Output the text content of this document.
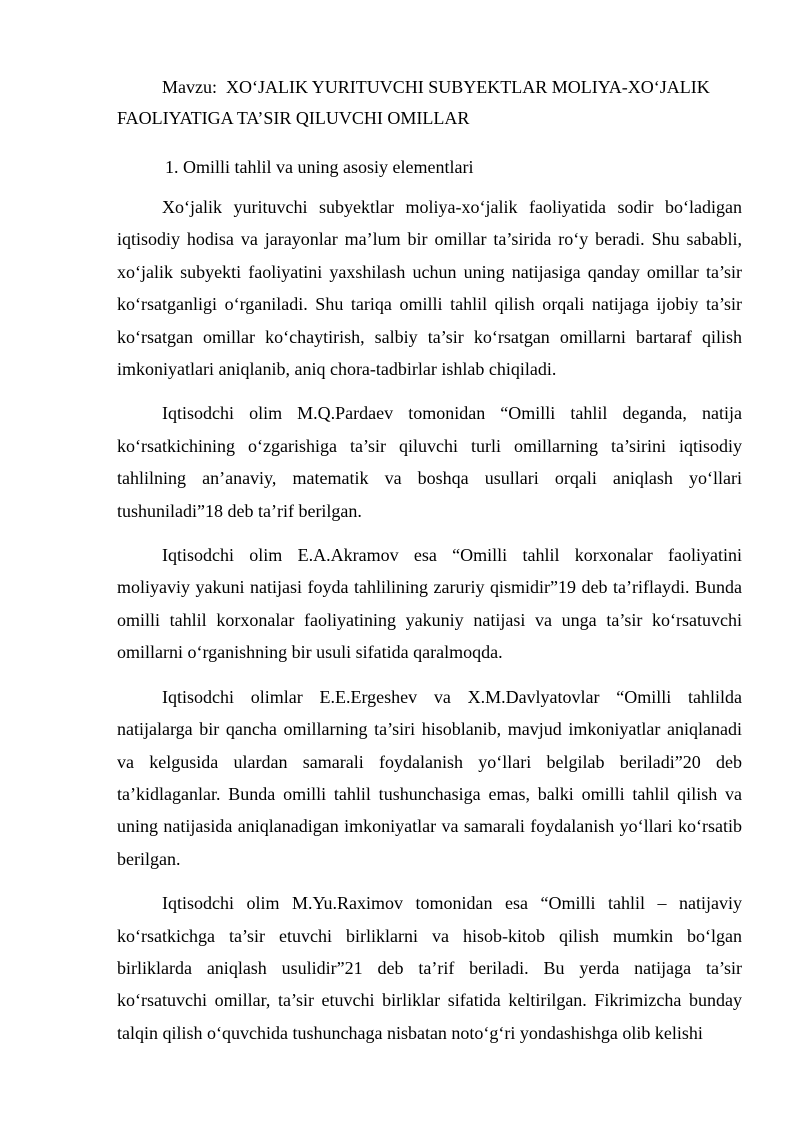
Mavzu:  XO‘JALIK YURITUVCHI SUBYEKTLAR MOLIYA-XO‘JALIK

FAOLIYATIGA TA’SIR QILUVCHI OMILLAR

1. Omilli tahlil va uning asosiy elementlari

Xo‘jalik yurituvchi subyektlar moliya-xo‘jalik faoliyatida sodir bo‘ladigan iqtisodiy hodisa va jarayonlar ma’lum bir omillar ta’sirida ro‘y beradi. Shu sababli, xo‘jalik subyekti faoliyatini yaxshilash uchun uning natijasiga qanday omillar ta’sir ko‘rsatganligi o‘rganiladi. Shu tariqa omilli tahlil qilish orqali natijaga ijobiy ta’sir ko‘rsatgan omillar ko‘chaytirish, salbiy ta’sir ko‘rsatgan omillarni bartaraf qilish imkoniyatlari aniqlanib, aniq chora-tadbirlar ishlab chiqiladi.

Iqtisodchi olim M.Q.Pardaev tomonidan “Omilli tahlil deganda, natija ko‘rsatkichining o‘zgarishiga ta’sir qiluvchi turli omillarning ta’sirini iqtisodiy tahlilning an’anaviy, matematik va boshqa usullari orqali aniqlash yo‘llari tushuniladi”18 deb ta’rif berilgan.

Iqtisodchi olim E.A.Akramov esa “Omilli tahlil korxonalar faoliyatini moliyaviy yakuni natijasi foyda tahlilining zaruriy qismidir”19 deb ta’riflaydi. Bunda omilli tahlil korxonalar faoliyatining yakuniy natijasi va unga ta’sir ko‘rsatuvchi omillarni o‘rganishning bir usuli sifatida qaralmoqda.

Iqtisodchi olimlar E.E.Ergeshev va X.M.Davlyatovlar “Omilli tahlilda natijalarga bir qancha omillarning ta’siri hisoblanib, mavjud imkoniyatlar aniqlanadi va kelgusida ulardan samarali foydalanish yo‘llari belgilab beriladi”20 deb ta’kidlaganlar. Bunda omilli tahlil tushunchasiga emas, balki omilli tahlil qilish va uning natijasida aniqlanadigan imkoniyatlar va samarali foydalanish yo‘llari ko‘rsatib berilgan.

Iqtisodchi olim M.Yu.Raximov tomonidan esa “Omilli tahlil – natijaviy ko‘rsatkichga ta’sir etuvchi birliklarni va hisob-kitob qilish mumkin bo‘lgan birliklarda aniqlash usulidir”21 deb ta’rif beriladi. Bu yerda natijaga ta’sir ko‘rsatuvchi omillar, ta’sir etuvchi birliklar sifatida keltirilgan. Fikrimizcha bunday talqin qilish o‘quvchida tushunchaga nisbatan noto‘g‘ri yondashishga olib kelishi
